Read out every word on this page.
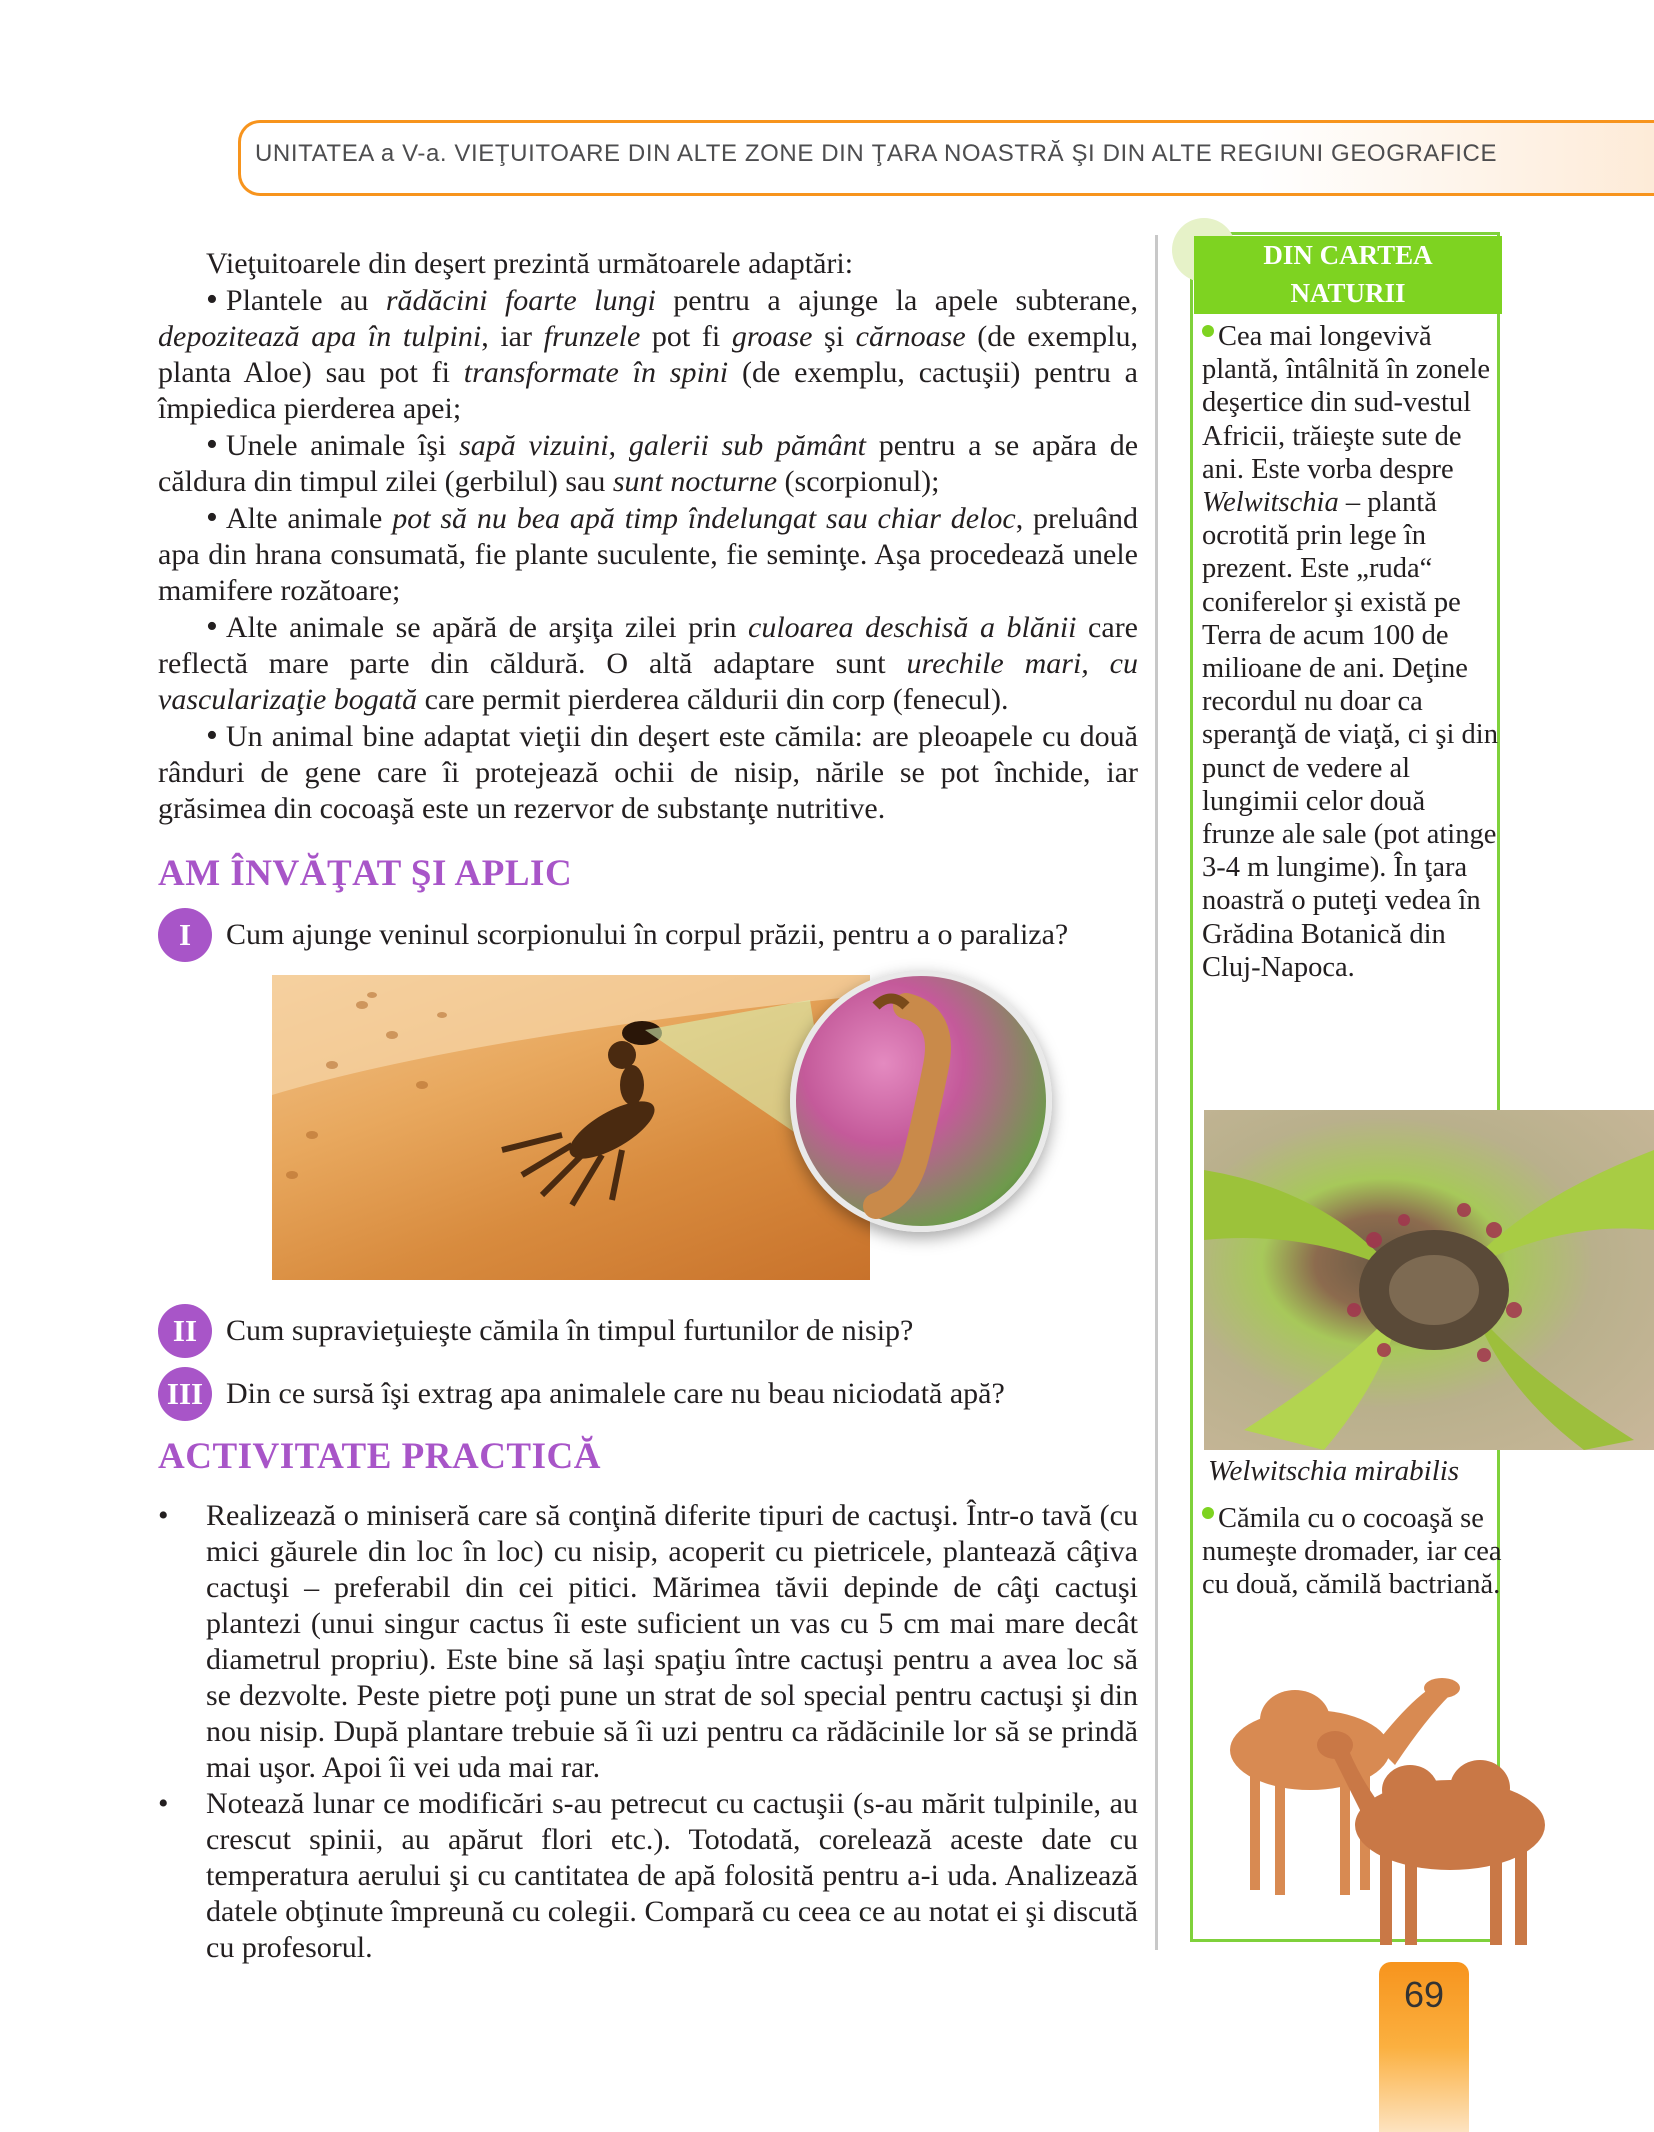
UNITATEA a V-a. VIEŢUITOARE DIN ALTE ZONE DIN ŢARA NOASTRĂ ŞI DIN ALTE REGIUNI GEOGRAFICE

Vieţuitoarele din deşert prezintă următoarele adaptări:

• Plantele au rădăcini foarte lungi pentru a ajunge la apele subterane, depozitează apa în tulpini, iar frunzele pot fi groase şi cărnoase (de exemplu, planta Aloe) sau pot fi transformate în spini (de exemplu, cactuşii) pentru a împiedica pierderea apei;

• Unele animale îşi sapă vizuini, galerii sub pământ pentru a se apăra de căldura din timpul zilei (gerbilul) sau sunt nocturne (scorpionul);

• Alte animale pot să nu bea apă timp îndelungat sau chiar deloc, preluând apa din hrana consumată, fie plante suculente, fie seminţe. Aşa procedează unele mamifere rozătoare;

• Alte animale se apără de arşiţa zilei prin culoarea deschisă a blănii care reflectă mare parte din căldură. O altă adaptare sunt urechile mari, cu vascularizaţie bogată care permit pierderea căldurii din corp (fenecul).

• Un animal bine adaptat vieţii din deşert este cămila: are pleoapele cu două rânduri de gene care îi protejează ochii de nisip, nările se pot închide, iar grăsimea din cocoaşă este un rezervor de substanţe nutritive.

AM ÎNVĂŢAT ŞI APLIC
I	Cum ajunge veninul scorpionului în corpul prăzii, pentru a o paraliza?
II Cum supravieţuieşte cămila în timpul furtunilor de nisip?
III Din ce sursă îşi extrag apa animalele care nu beau niciodată apă?
ACTIVITATE PRACTICĂ

• Realizează o miniseră care să conţină diferite tipuri de cactuşi. Într-o tavă (cu mici găurele din loc în loc) cu nisip, acoperit cu pietricele, plantează câţiva cactuşi – preferabil din cei pitici. Mărimea tăvii depinde de câţi cactuşi plantezi (unui singur cactus îi este suficient un vas cu 5 cm mai mare decât diametrul propriu). Este bine să laşi spaţiu între cactuşi pentru a avea loc să se dezvolte. Peste pietre poţi pune un strat de sol special pentru cactuşi şi din nou nisip. După plantare trebuie să îi uzi pentru ca rădăcinile lor să se prindă mai uşor. Apoi îi vei uda mai rar.

• Notează lunar ce modificări s-au petrecut cu cactuşii (s-au mărit tulpinile, au crescut spinii, au apărut flori etc.). Totodată, corelează aceste date cu temperatura aerului şi cu cantitatea de apă folosită pentru a-i uda. Analizează datele obţinute împreună cu colegii. Compară cu ceea ce au notat ei şi discută cu profesorul.

DIN CARTEA
NATURII
Cea mai longevivă plantă, întâlnită în zonele deşertice din sud-vestul Africii, trăieşte sute de ani. Este vorba despre Welwitschia – plantă ocrotită prin lege în prezent. Este „ruda“ coniferelor şi există pe Terra de acum 100 de milioane de ani. Deţine recordul nu doar ca speranţă de viaţă, ci şi din punct de vedere al lungimii celor două frunze ale sale (pot atinge 3-4 m lungime). În ţara noastră o puteţi vedea în Grădina Botanică din Cluj-Napoca.
Welwitschia mirabilis
Cămila cu o cocoaşă se numeşte dromader, iar cea cu două, cămilă bactriană.
69
